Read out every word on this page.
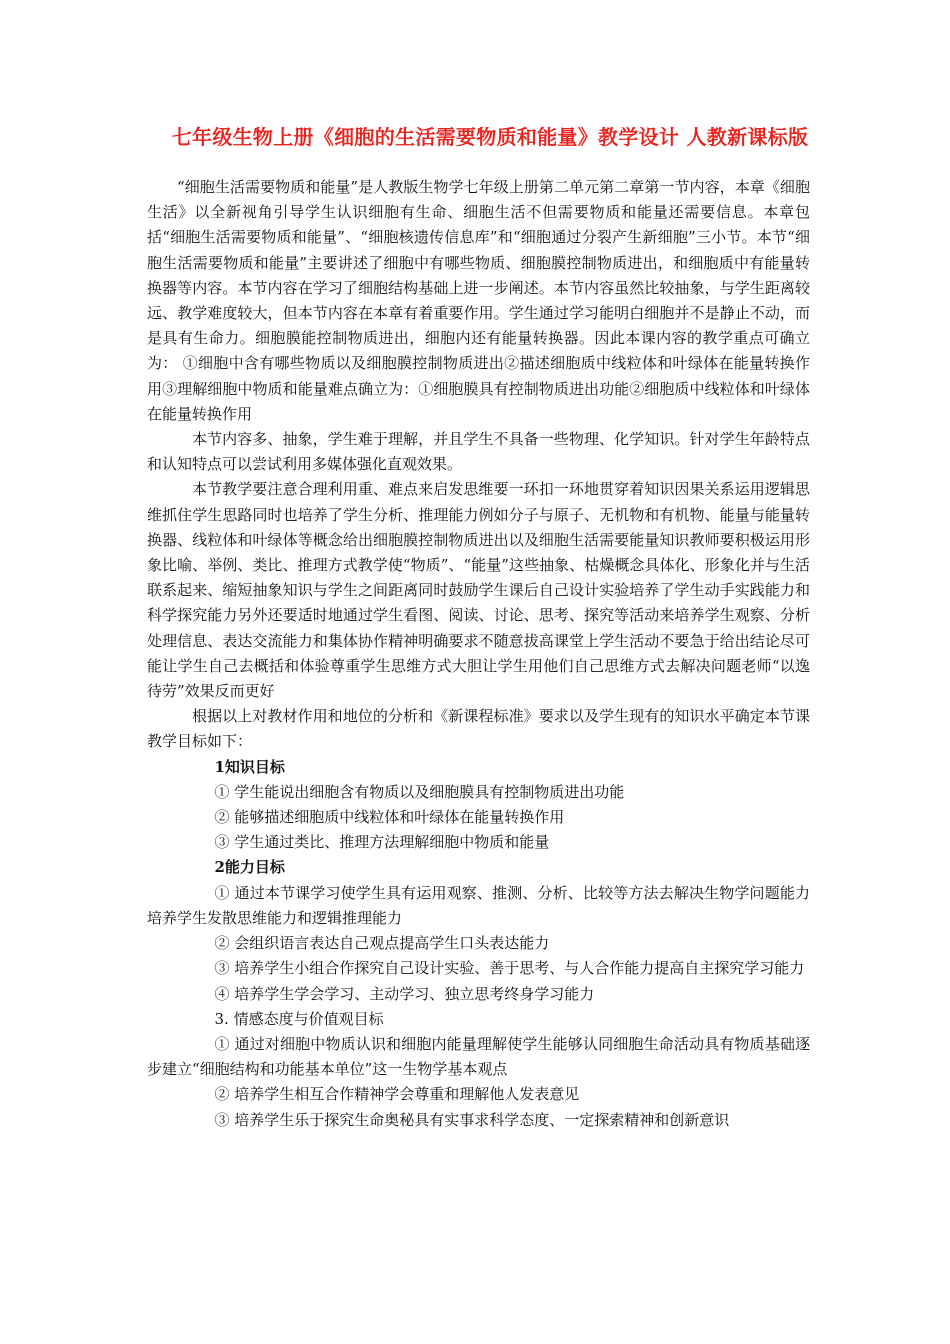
七年级生物上册《细胞的生活需要物质和能量》教学设计 人教新课标版

“细胞生活需要物质和能量”是人教版生物学七年级上册第二单元第二章第一节内容，本章《细胞生活》以全新视角引导学生认识细胞有生命、细胞生活不但需要物质和能量还需要信息。本章包括“细胞生活需要物质和能量”、“细胞核遗传信息库”和“细胞通过分裂产生新细胞”三小节。本节“细胞生活需要物质和能量”主要讲述了细胞中有哪些物质、细胞膜控制物质进出，和细胞质中有能量转换器等内容。本节内容在学习了细胞结构基础上进一步阐述。本节内容虽然比较抽象，与学生距离较远、教学难度较大，但本节内容在本章有着重要作用。学生通过学习能明白细胞并不是静止不动，而是具有生命力。细胞膜能控制物质进出，细胞内还有能量转换器。因此本课内容的教学重点可确立为： ①细胞中含有哪些物质以及细胞膜控制物质进出②描述细胞质中线粒体和叶绿体在能量转换作用③理解细胞中物质和能量难点确立为：①细胞膜具有控制物质进出功能②细胞质中线粒体和叶绿体在能量转换作用

本节内容多、抽象，学生难于理解，并且学生不具备一些物理、化学知识。针对学生年龄特点和认知特点可以尝试利用多媒体强化直观效果。

本节教学要注意合理利用重、难点来启发思维要一环扣一环地贯穿着知识因果关系运用逻辑思维抓住学生思路同时也培养了学生分析、推理能力例如分子与原子、无机物和有机物、能量与能量转换器、线粒体和叶绿体等概念给出细胞膜控制物质进出以及细胞生活需要能量知识教师要积极运用形象比喻、举例、类比、推理方式教学使“物质”、“能量”这些抽象、枯燥概念具体化、形象化并与生活联系起来、缩短抽象知识与学生之间距离同时鼓励学生课后自己设计实验培养了学生动手实践能力和科学探究能力另外还要适时地通过学生看图、阅读、讨论、思考、探究等活动来培养学生观察、分析处理信息、表达交流能力和集体协作精神明确要求不随意拔高课堂上学生活动不要急于给出结论尽可能让学生自己去概括和体验尊重学生思维方式大胆让学生用他们自己思维方式去解决问题老师“以逸待劳”效果反而更好

根据以上对教材作用和地位的分析和《新课程标准》要求以及学生现有的知识水平确定本节课教学目标如下：

1知识目标

① 学生能说出细胞含有物质以及细胞膜具有控制物质进出功能

② 能够描述细胞质中线粒体和叶绿体在能量转换作用

③ 学生通过类比、推理方法理解细胞中物质和能量

2能力目标

① 通过本节课学习使学生具有运用观察、推测、分析、比较等方法去解决生物学问题能力培养学生发散思维能力和逻辑推理能力

② 会组织语言表达自己观点提高学生口头表达能力

③ 培养学生小组合作探究自己设计实验、善于思考、与人合作能力提高自主探究学习能力

④ 培养学生学会学习、主动学习、独立思考终身学习能力

3. 情感态度与价值观目标

① 通过对细胞中物质认识和细胞内能量理解使学生能够认同细胞生命活动具有物质基础逐步建立“细胞结构和功能基本单位”这一生物学基本观点

② 培养学生相互合作精神学会尊重和理解他人发表意见

③ 培养学生乐于探究生命奥秘具有实事求科学态度、一定探索精神和创新意识
